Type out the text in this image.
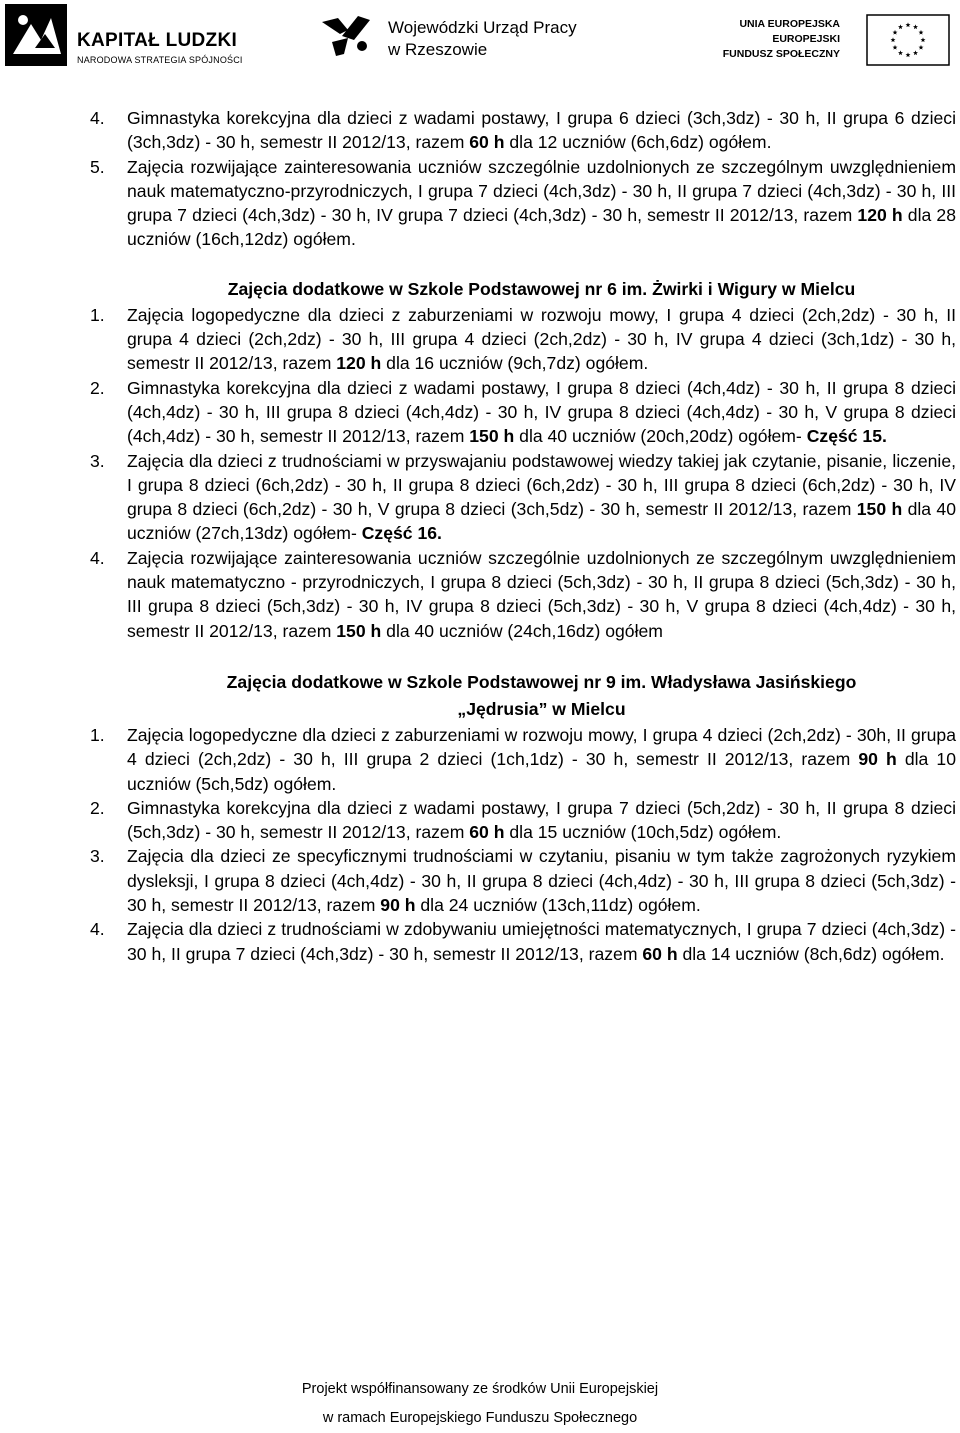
KAPITAŁ LUDZKI
NARODOWA STRATEGIA SPÓJNOŚCI
Wojewódzki Urząd Pracy
w Rzeszowie
UNIA EUROPEJSKA
EUROPEJSKI
FUNDUSZ SPOŁECZNY
4. Gimnastyka korekcyjna dla dzieci z wadami postawy, I grupa 6 dzieci (3ch,3dz) - 30 h, II grupa 6 dzieci (3ch,3dz) - 30 h, semestr II 2012/13, razem 60 h dla 12 uczniów (6ch,6dz) ogółem.
5. Zajęcia rozwijające zainteresowania uczniów szczególnie uzdolnionych ze szczególnym uwzględnieniem nauk matematyczno-przyrodniczych, I grupa 7 dzieci (4ch,3dz) - 30 h, II grupa 7 dzieci (4ch,3dz) - 30 h, III grupa 7 dzieci (4ch,3dz) - 30 h, IV grupa 7 dzieci (4ch,3dz) - 30 h, semestr II 2012/13, razem 120 h dla 28 uczniów (16ch,12dz) ogółem.
Zajęcia dodatkowe w Szkole Podstawowej nr 6 im. Żwirki i Wigury w Mielcu
1. Zajęcia logopedyczne dla dzieci z zaburzeniami w rozwoju mowy, I grupa 4 dzieci (2ch,2dz) - 30 h, II grupa 4 dzieci (2ch,2dz) - 30 h, III grupa 4 dzieci (2ch,2dz) - 30 h, IV grupa 4 dzieci (3ch,1dz) - 30 h, semestr II 2012/13, razem 120 h dla 16 uczniów (9ch,7dz) ogółem.
2. Gimnastyka korekcyjna dla dzieci z wadami postawy, I grupa 8 dzieci (4ch,4dz) - 30 h, II grupa 8 dzieci (4ch,4dz) - 30 h, III grupa 8 dzieci (4ch,4dz) - 30 h, IV grupa 8 dzieci (4ch,4dz) - 30 h, V grupa 8 dzieci (4ch,4dz) - 30 h, semestr II 2012/13, razem 150 h dla 40 uczniów (20ch,20dz) ogółem- Część 15.
3. Zajęcia dla dzieci z trudnościami w przyswajaniu podstawowej wiedzy takiej jak czytanie, pisanie, liczenie, I grupa 8 dzieci (6ch,2dz) - 30 h, II grupa 8 dzieci (6ch,2dz) - 30 h, III grupa 8 dzieci (6ch,2dz) - 30 h, IV grupa 8 dzieci (6ch,2dz) - 30 h, V grupa 8 dzieci (3ch,5dz) - 30 h, semestr II 2012/13, razem 150 h dla 40 uczniów (27ch,13dz) ogółem- Część 16.
4. Zajęcia rozwijające zainteresowania uczniów szczególnie uzdolnionych ze szczególnym uwzględnieniem nauk matematyczno - przyrodniczych, I grupa 8 dzieci (5ch,3dz) - 30 h, II grupa 8 dzieci (5ch,3dz) - 30 h, III grupa 8 dzieci (5ch,3dz) - 30 h, IV grupa 8 dzieci (5ch,3dz) - 30 h, V grupa 8 dzieci (4ch,4dz) - 30 h, semestr II 2012/13, razem 150 h dla 40 uczniów (24ch,16dz) ogółem
Zajęcia dodatkowe w Szkole Podstawowej nr 9 im. Władysława Jasińskiego
„Jędrusia” w Mielcu
1. Zajęcia logopedyczne dla dzieci z zaburzeniami w rozwoju mowy, I grupa 4 dzieci (2ch,2dz) - 30h, II grupa 4 dzieci (2ch,2dz) - 30 h, III grupa 2 dzieci (1ch,1dz) - 30 h, semestr II 2012/13, razem 90 h dla 10 uczniów (5ch,5dz) ogółem.
2. Gimnastyka korekcyjna dla dzieci z wadami postawy, I grupa 7 dzieci (5ch,2dz) - 30 h, II grupa 8 dzieci (5ch,3dz) - 30 h, semestr II 2012/13, razem 60 h dla 15 uczniów (10ch,5dz) ogółem.
3. Zajęcia dla dzieci ze specyficznymi trudnościami w czytaniu, pisaniu w tym także zagrożonych ryzykiem dysleksji, I grupa 8 dzieci (4ch,4dz) - 30 h, II grupa 8 dzieci (4ch,4dz) - 30 h, III grupa 8 dzieci (5ch,3dz) - 30 h, semestr II 2012/13, razem 90 h dla 24 uczniów (13ch,11dz) ogółem.
4. Zajęcia dla dzieci z trudnościami w zdobywaniu umiejętności matematycznych, I grupa 7 dzieci (4ch,3dz) - 30 h, II grupa 7 dzieci (4ch,3dz) - 30 h, semestr II 2012/13, razem 60 h dla 14 uczniów (8ch,6dz) ogółem.
Projekt współfinansowany ze środków Unii Europejskiej
w ramach Europejskiego Funduszu Społecznego
